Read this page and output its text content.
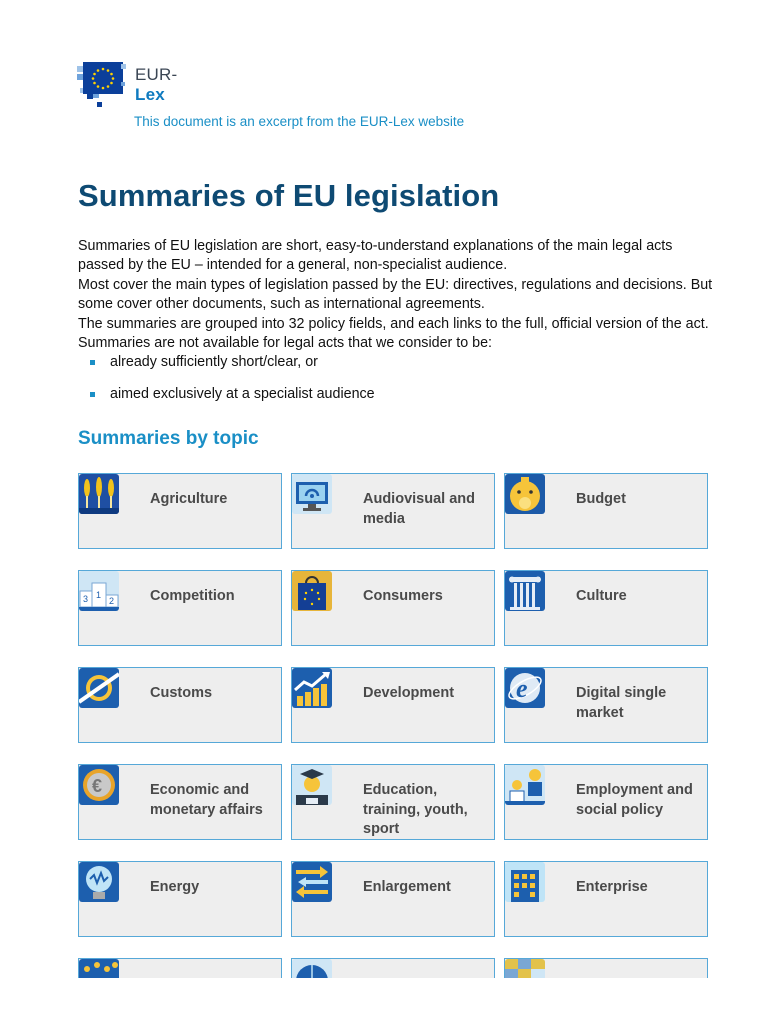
EUR-Lex
This document is an excerpt from the EUR-Lex website
Summaries of EU legislation

Summaries of EU legislation are short, easy-to-understand explanations of the main legal acts passed by the EU – intended for a general, non-specialist audience.

Most cover the main types of legislation passed by the EU: directives, regulations and decisions. But some cover other documents, such as international agreements.

The summaries are grouped into 32 policy fields, and each links to the full, official version of the act. Summaries are not available for legal acts that we consider to be:

already sufficiently short/clear, or
aimed exclusively at a specialist audience
Summaries by topic
Agriculture	Audiovisual and media
Budget
3 1
2 Competition	Consumers	Culture
Customs	Development	e	Digital single market
€	Economic and monetary affairs
Education, training, youth, sport
Employment and social policy
Energy	Enlargement	Enterprise
